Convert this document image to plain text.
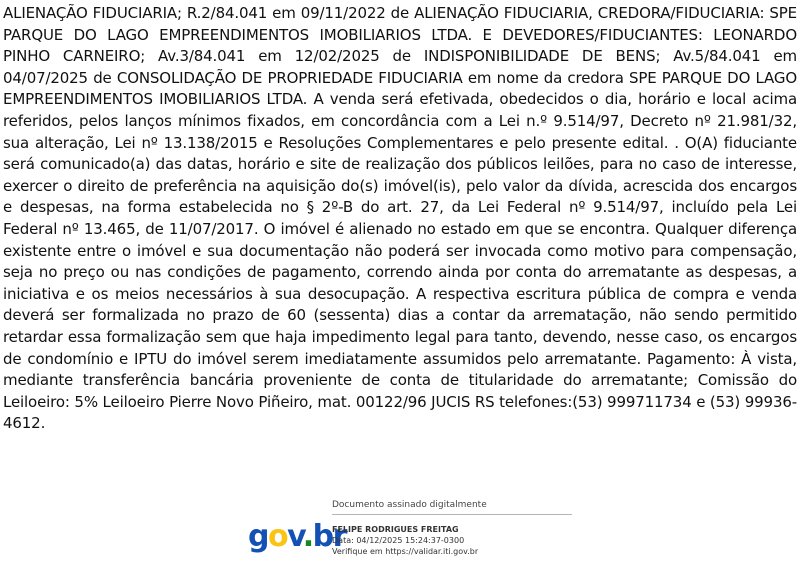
ALIENAÇÃO FIDUCIARIA; R.2/84.041 em 09/11/2022 de ALIENAÇÃO FIDUCIARIA, CREDORA/FIDUCIARIA: SPE PARQUE DO LAGO EMPREENDIMENTOS IMOBILIARIOS LTDA. E DEVEDORES/FIDUCIANTES: LEONARDO PINHO CARNEIRO; Av.3/84.041 em 12/02/2025 de INDISPONIBILIDADE DE BENS; Av.5/84.041 em 04/07/2025 de CONSOLIDAÇÃO DE PROPRIEDADE FIDUCIARIA em nome da credora SPE PARQUE DO LAGO EMPREENDIMENTOS IMOBILIARIOS LTDA. A venda será efetivada, obedecidos o dia, horário e local acima referidos, pelos lanços mínimos fixados, em concordância com a Lei n.º 9.514/97, Decreto nº 21.981/32, sua alteração, Lei nº 13.138/2015 e Resoluções Complementares e pelo presente edital. . O(A) fiduciante será comunicado(a) das datas, horário e site de realização dos públicos leilões, para no caso de interesse, exercer o direito de preferência na aquisição do(s) imóvel(is), pelo valor da dívida, acrescida dos encargos e despesas, na forma estabelecida no § 2º-B do art. 27, da Lei Federal nº 9.514/97, incluído pela Lei Federal nº 13.465, de 11/07/2017. O imóvel é alienado no estado em que se encontra. Qualquer diferença existente entre o imóvel e sua documentação não poderá ser invocada como motivo para compensação, seja no preço ou nas condições de pagamento, correndo ainda por conta do arrematante as despesas, a iniciativa e os meios necessários à sua desocupação. A respectiva escritura pública de compra e venda deverá ser formalizada no prazo de 60 (sessenta) dias a contar da arrematação, não sendo permitido retardar essa formalização sem que haja impedimento legal para tanto, devendo, nesse caso, os encargos de condomínio e IPTU do imóvel serem imediatamente assumidos pelo arrematante. Pagamento: À vista, mediante transferência bancária proveniente de conta de titularidade do arrematante; Comissão do Leiloeiro: 5% Leiloeiro Pierre Novo Piñeiro, mat. 00122/96 JUCIS RS telefones:(53) 999711734 e (53) 99936-4612.

gov.br
Documento assinado digitalmente
FELIPE RODRIGUES FREITAG
Data: 04/12/2025 15:24:37-0300
Verifique em https://validar.iti.gov.br
